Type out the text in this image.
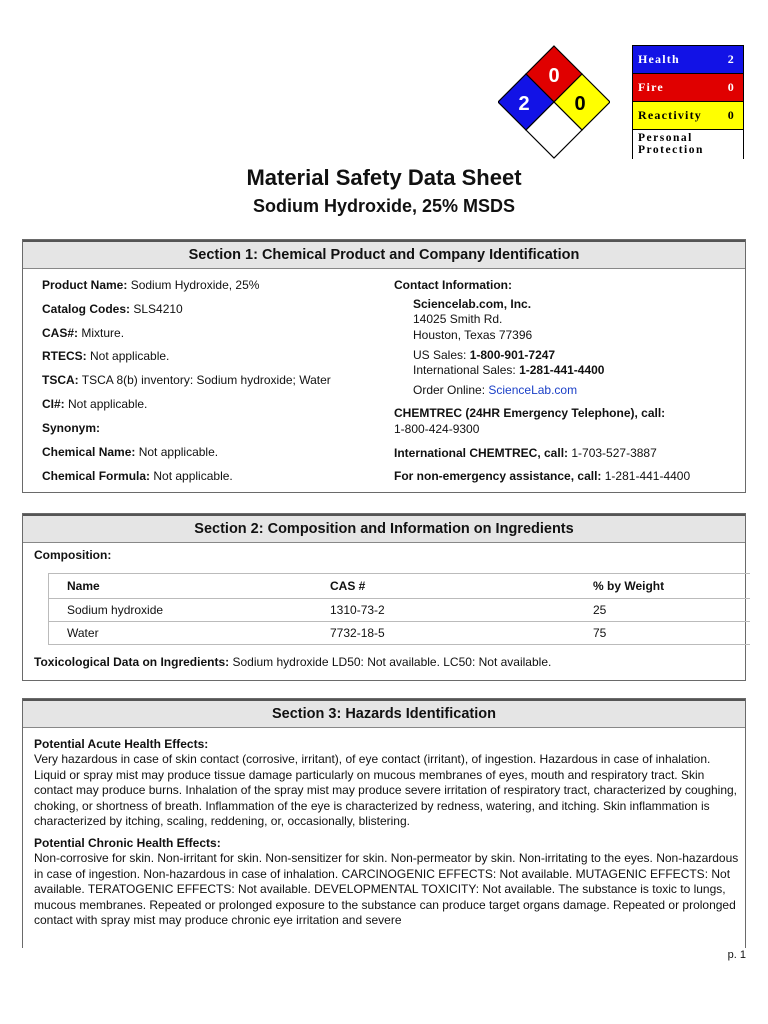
0
2 0
Health	2
Fire	0
Reactivity 0
Personal
Protection
Material Safety Data Sheet
Sodium Hydroxide, 25% MSDS
Section 1: Chemical Product and Company Identification
Product Name: Sodium Hydroxide, 25%
Catalog Codes: SLS4210
CAS#: Mixture.
RTECS: Not applicable.
TSCA: TSCA 8(b) inventory: Sodium hydroxide; Water
CI#: Not applicable.
Synonym:
Chemical Name: Not applicable.
Chemical Formula: Not applicable.
Contact Information:
Sciencelab.com, Inc.
14025 Smith Rd.
Houston, Texas 77396
US Sales: 1-800-901-7247
International Sales: 1-281-441-4400
Order Online: ScienceLab.com
CHEMTREC (24HR Emergency Telephone), call:
1-800-424-9300
International CHEMTREC, call: 1-703-527-3887
For non-emergency assistance, call: 1-281-441-4400
Section 2: Composition and Information on Ingredients
Composition:
Name	CAS #	% by Weight
Sodium hydroxide	1310-73-2	25
Water	7732-18-5	75
Toxicological Data on Ingredients: Sodium hydroxide LD50: Not available. LC50: Not available.
Section 3: Hazards Identification
Potential Acute Health Effects:
Very hazardous in case of skin contact (corrosive, irritant), of eye contact (irritant), of ingestion. Hazardous in case of inhalation. Liquid or spray mist may produce tissue damage particularly on mucous membranes of eyes, mouth and respiratory tract. Skin contact may produce burns. Inhalation of the spray mist may produce severe irritation of respiratory tract, characterized by coughing, choking, or shortness of breath. Inflammation of the eye is characterized by redness, watering, and itching. Skin inflammation is characterized by itching, scaling, reddening, or, occasionally, blistering.
Potential Chronic Health Effects:
Non-corrosive for skin. Non-irritant for skin. Non-sensitizer for skin. Non-permeator by skin. Non-irritating to the eyes. Non-hazardous in case of ingestion. Non-hazardous in case of inhalation. CARCINOGENIC EFFECTS: Not available. MUTAGENIC EFFECTS: Not available. TERATOGENIC EFFECTS: Not available. DEVELOPMENTAL TOXICITY: Not available. The substance is toxic to lungs, mucous membranes. Repeated or prolonged exposure to the substance can produce target organs damage. Repeated or prolonged contact with spray mist may produce chronic eye irritation and severe
p. 1
